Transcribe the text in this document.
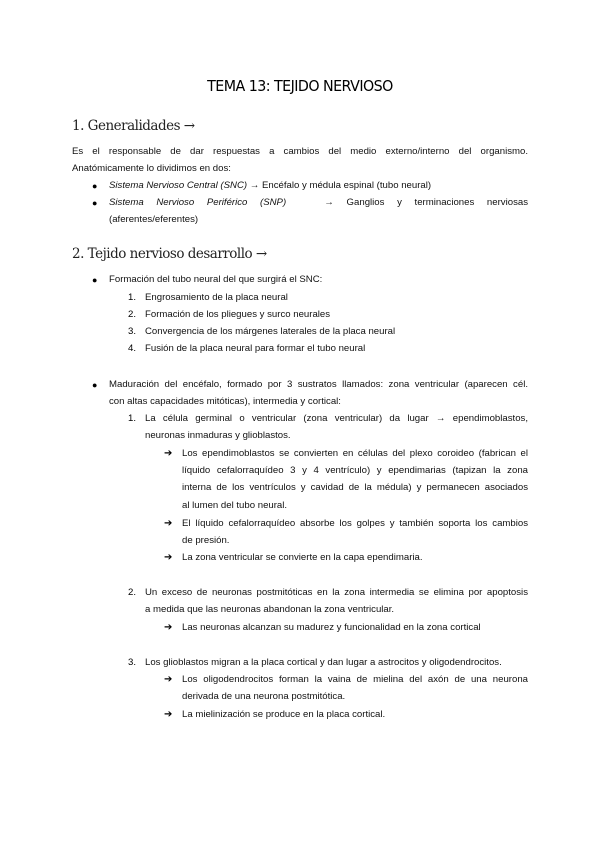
TEMA 13: TEJIDO NERVIOSO
1. Generalidades →
Es el responsable de dar respuestas a cambios del medio externo/interno del organismo.
Anatómicamente lo dividimos en dos:
● Sistema Nervioso Central (SNC) → Encéfalo y médula espinal (tubo neural)
● Sistema Nervioso Periférico (SNP)	→ Ganglios y terminaciones nerviosas
(aferentes/eferentes)
2. Tejido nervioso desarrollo →
● Formación del tubo neural del que surgirá el SNC:
1. Engrosamiento de la placa neural
2. Formación de los pliegues y surco neurales
3. Convergencia de los márgenes laterales de la placa neural
4. Fusión de la placa neural para formar el tubo neural
● Maduración del encéfalo, formado por 3 sustratos llamados: zona ventricular (aparecen cél.
con altas capacidades mitóticas), intermedia y cortical:
1. La célula germinal o ventricular (zona ventricular) da lugar → ependimoblastos,
neuronas inmaduras y glioblastos.
➔ Los ependimoblastos se convierten en células del plexo coroideo (fabrican el
líquido cefalorraquídeo 3 y 4 ventrículo) y ependimarias (tapizan la zona
interna de los ventrículos y cavidad de la médula) y permanecen asociados
al lumen del tubo neural.
➔ El líquido cefalorraquídeo absorbe los golpes y también soporta los cambios
de presión.
➔ La zona ventricular se convierte en la capa ependimaria.
2. Un exceso de neuronas postmitóticas en la zona intermedia se elimina por apoptosis
a medida que las neuronas abandonan la zona ventricular.
➔ Las neuronas alcanzan su madurez y funcionalidad en la zona cortical
3. Los glioblastos migran a la placa cortical y dan lugar a astrocitos y oligodendrocitos.
➔ Los oligodendrocitos forman la vaina de mielina del axón de una neurona
derivada de una neurona postmitótica.
➔ La mielinización se produce en la placa cortical.
